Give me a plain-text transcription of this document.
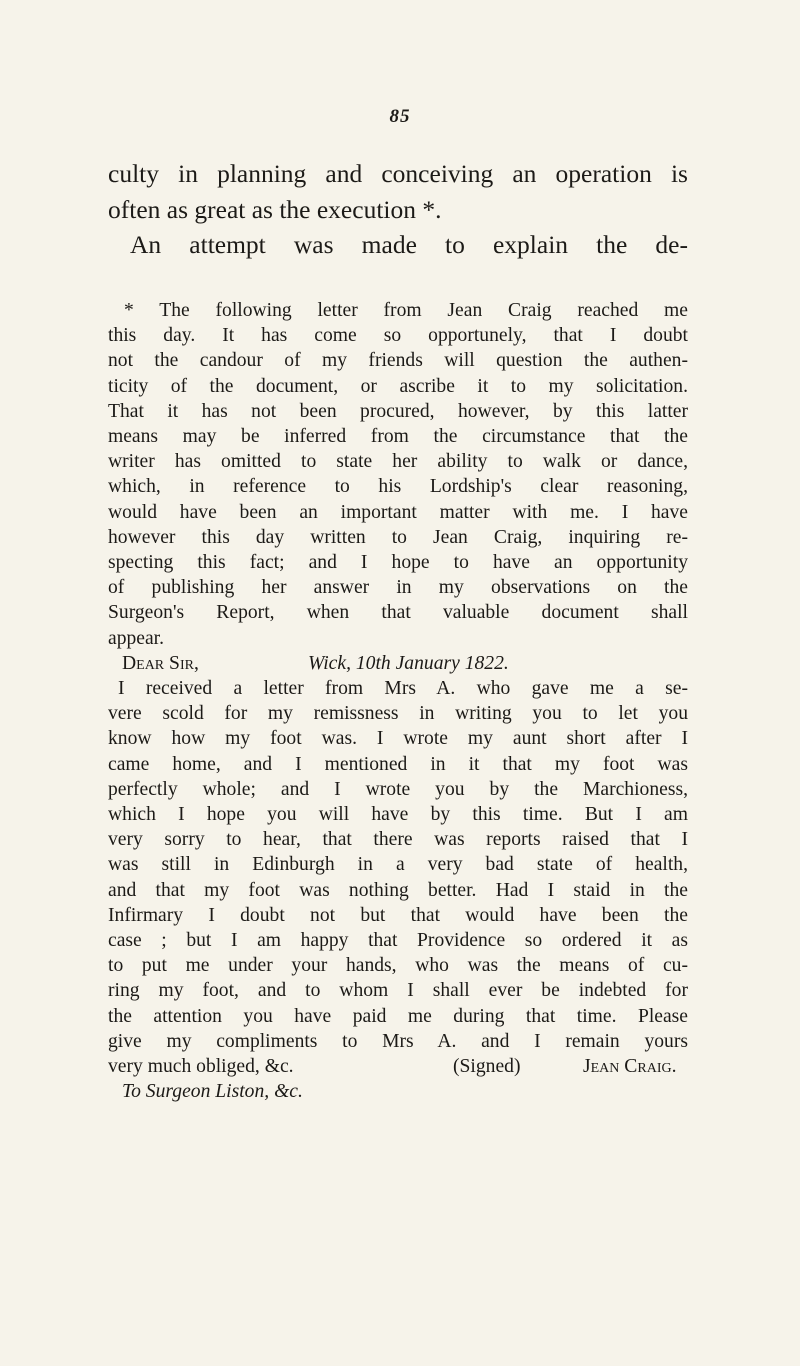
85
culty in planning and conceiving an operation is
often as great as the execution *.
An attempt was made to explain the de-
* The following letter from Jean Craig reached me
this day. It has come so opportunely, that I doubt
not the candour of my friends will question the authen-
ticity of the document, or ascribe it to my solicitation.
That it has not been procured, however, by this latter
means may be inferred from the circumstance that the
writer has omitted to state her ability to walk or dance,
which, in reference to his Lordship's clear reasoning,
would have been an important matter with me. I have
however this day written to Jean Craig, inquiring re-
specting this fact; and I hope to have an opportunity
of publishing her answer in my observations on the
Surgeon's Report, when that valuable document shall
appear.
Dear Sir,	Wick, 10th January 1822.
I received a letter from Mrs A. who gave me a se-
vere scold for my remissness in writing you to let you
know how my foot was. I wrote my aunt short after I
came home, and I mentioned in it that my foot was
perfectly whole; and I wrote you by the Marchioness,
which I hope you will have by this time. But I am
very sorry to hear, that there was reports raised that I
was still in Edinburgh in a very bad state of health,
and that my foot was nothing better. Had I staid in the
Infirmary I doubt not but that would have been the
case ; but I am happy that Providence so ordered it as
to put me under your hands, who was the means of cu-
ring my foot, and to whom I shall ever be indebted for
the attention you have paid me during that time. Please
give my compliments to Mrs A. and I remain yours
very much obliged, &c.	(Signed)	Jean Craig.
To Surgeon Liston, &c.
